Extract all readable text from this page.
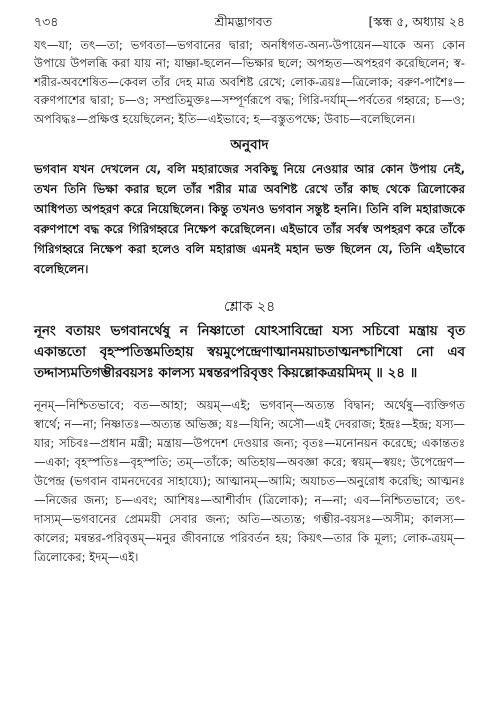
৭৩৪	শ্রীমদ্ভাগবত	[স্কন্ধ ৫, অধ্যায় ২৪

যৎ—যা; তৎ—তা; ভগবতা—ভগবানের দ্বারা; অনধিগত-অন্য-উপায়েন—যাকে অন্য কোন উপায়ে উপলব্ধি করা যায় না; যাচ্ঞা-ছলেন—ভিক্ষার ছলে; অপহৃত—অপহরণ করেছিলেন; স্ব-শরীর-অবশেষিত—কেবল তাঁর দেহ মাত্র অবশিষ্ট রেখে; লোক-ত্রয়ঃ—ত্রিলোক; বরুণ-পাশৈঃ—বরুণপাশের দ্বারা; চ—ও; সম্প্রতিমুক্তঃ—সম্পূর্ণরূপে বদ্ধ; গিরি-দর্যাম্—পর্বতের গহ্বরে; চ—ও; অপবিদ্ধঃ—প্রক্ষিপ্ত হয়েছিলেন; ইতি—এইভাবে; হ—বস্তুতপক্ষে; উবাচ—বলেছিলেন।

অনুবাদ

ভগবান যখন দেখলেন যে, বলি মহারাজের সবকিছু নিয়ে নেওয়ার আর কোন উপায় নেই, তখন তিনি ভিক্ষা করার ছলে তাঁর শরীর মাত্র অবশিষ্ট রেখে তাঁর কাছ থেকে ত্রিলোকের আধিপত্য অপহরণ করে নিয়েছিলেন। কিন্তু তখনও ভগবান সন্তুষ্ট হননি। তিনি বলি মহারাজকে বরুণপাশে বদ্ধ করে গিরিগহ্বরে নিক্ষেপ করেছিলেন। এইভাবে তাঁর সর্বস্ব অপহরণ করে তাঁকে গিরিগহ্বরে নিক্ষেপ করা হলেও বলি মহারাজ এমনই মহান ভক্ত ছিলেন যে, তিনি এইভাবে বলেছিলেন।

শ্লোক ২৪

নূনং বতায়ং ভগবানর্থেষু ন নিষ্ণাতো যোঽসাবিন্দ্রো যস্য সচিবো মন্ত্রায় বৃত একান্ততো বৃহস্পতিস্তমতিহায় স্বয়মুপেন্দ্রেণাত্মানময়াচতাত্মনশ্চাশিষো নো এব তদ্দাস্যমতিগম্ভীরবয়সঃ কালস্য মন্বন্তরপরিবৃত্তং কিয়ল্লোকত্রয়মিদম্ ॥ ২৪ ॥

নূনম্—নিশ্চিতভাবে; বত—আহা; অয়ম্—এই; ভগবান্—অত্যন্ত বিদ্বান; অর্থেষু—ব্যক্তিগত স্বার্থে; ন—না; নিষ্ণাতঃ—অত্যন্ত অভিজ্ঞ; যঃ—যিনি; অসৌ—এই দেবরাজ; ইন্দ্রঃ—ইন্দ্র; যস্য—যার; সচিবঃ—প্রধান মন্ত্রী; মন্ত্রায়—উপদেশ দেওয়ার জন্য; বৃতঃ—মনোনয়ন করেছে; একান্ততঃ—একা; বৃহস্পতিঃ—বৃহস্পতি; তম্—তাঁকে; অতিহায়—অবজ্ঞা করে; স্বয়ম্—স্বয়ং; উপেন্দ্রেণ—উপেন্দ্র (ভগবান বামনদেবের সাহায্যে); আত্মানম্—আমি; অযাচত—অনুরোধ করেছি; আত্মনঃ—নিজের জন্য; চ—এবং; আশিষঃ—আশীর্বাদ (ত্রিলোক); ন—না; এব—নিশ্চিতভাবে; তৎ-দাস্যম্—ভগবানের প্রেমময়ী সেবার জন্য; অতি—অত্যন্ত; গম্ভীর-বয়সঃ—অসীম; কালস্য—কালের; মন্বন্তর-পরিবৃত্তম্—মনুর জীবনান্তে পরিবর্তন হয়; কিয়ৎ—তার কি মূল্য; লোক-ত্রয়ম্—ত্রিলোকের; ইদম্—এই।
